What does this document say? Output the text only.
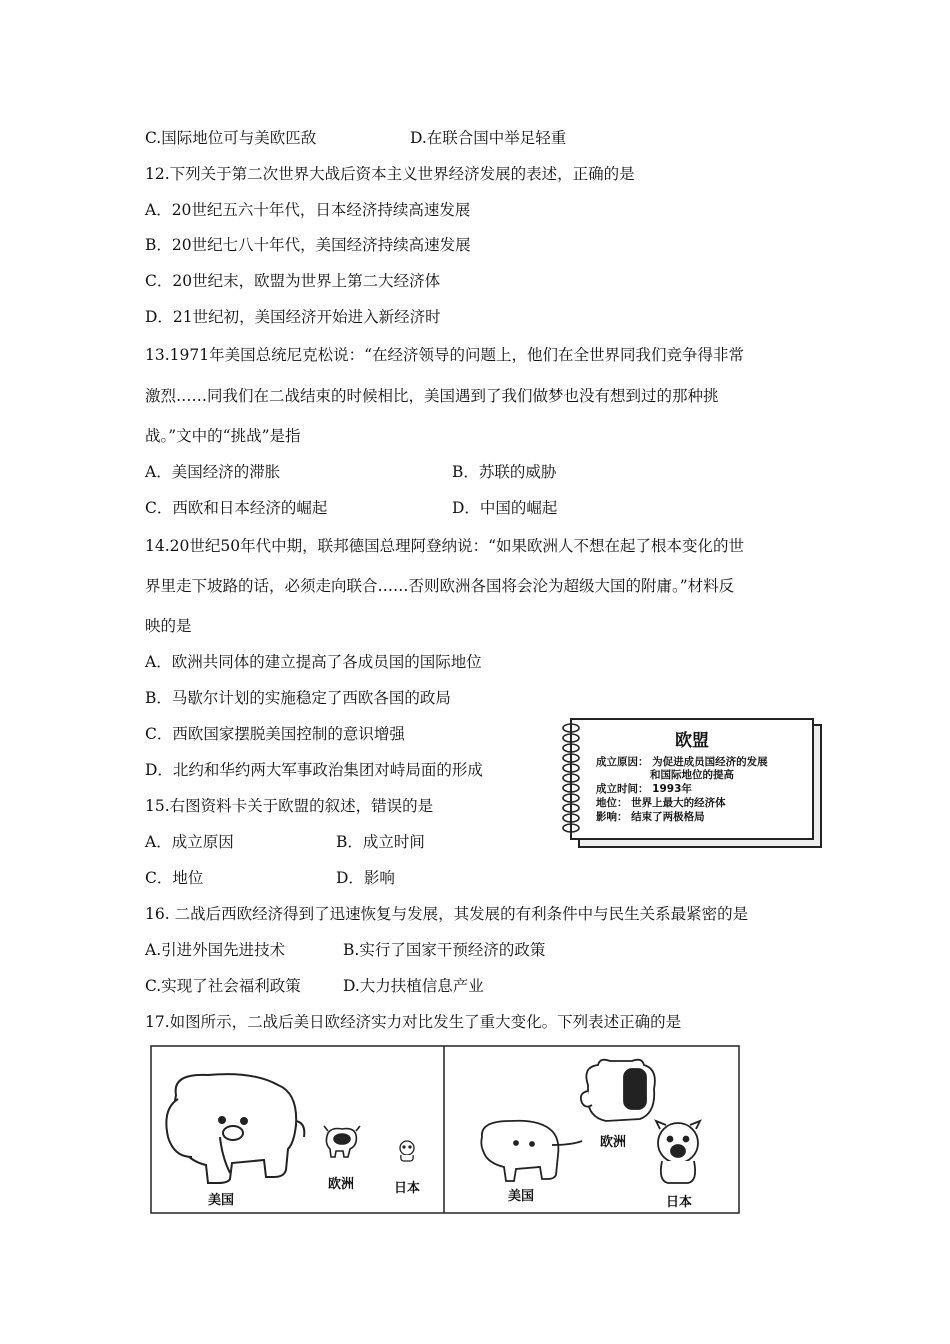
C.国际地位可与美欧匹敌	D.在联合国中举足轻重
12.下列关于第二次世界大战后资本主义世界经济发展的表述，正确的是
A．20世纪五六十年代，日本经济持续高速发展
B．20世纪七八十年代，美国经济持续高速发展
C．20世纪末，欧盟为世界上第二大经济体
D．21世纪初，美国经济开始进入新经济时
13.1971年美国总统尼克松说：“在经济领导的问题上，他们在全世界同我们竞争得非常
激烈……同我们在二战结束的时候相比，美国遇到了我们做梦也没有想到过的那种挑
战。”文中的“挑战”是指
A．美国经济的滞胀	B．苏联的威胁
C．西欧和日本经济的崛起	D．中国的崛起
14.20世纪50年代中期，联邦德国总理阿登纳说：“如果欧洲人不想在起了根本变化的世
界里走下坡路的话，必须走向联合……否则欧洲各国将会沦为超级大国的附庸。”材料反
映的是
A．欧洲共同体的建立提高了各成员国的国际地位
B．马歇尔计划的实施稳定了西欧各国的政局
C．西欧国家摆脱美国控制的意识增强
D．北约和华约两大军事政治集团对峙局面的形成
15.右图资料卡关于欧盟的叙述，错误的是
A．成立原因	B．成立时间
C．地位	D．影响
16. 二战后西欧经济得到了迅速恢复与发展，其发展的有利条件中与民生关系最紧密的是
A.引进外国先进技术	B.实行了国家干预经济的政策
C.实现了社会福利政策	D.大力扶植信息产业
17.如图所示，二战后美日欧经济实力对比发生了重大变化。下列表述正确的是
欧盟
成立原因： 为促进成员国经济的发展
和国际地位的提高
成立时间： 1993年
地位： 世界上最大的经济体
影响： 结束了两极格局
美国
欧洲	日本
美国
欧洲
日本
